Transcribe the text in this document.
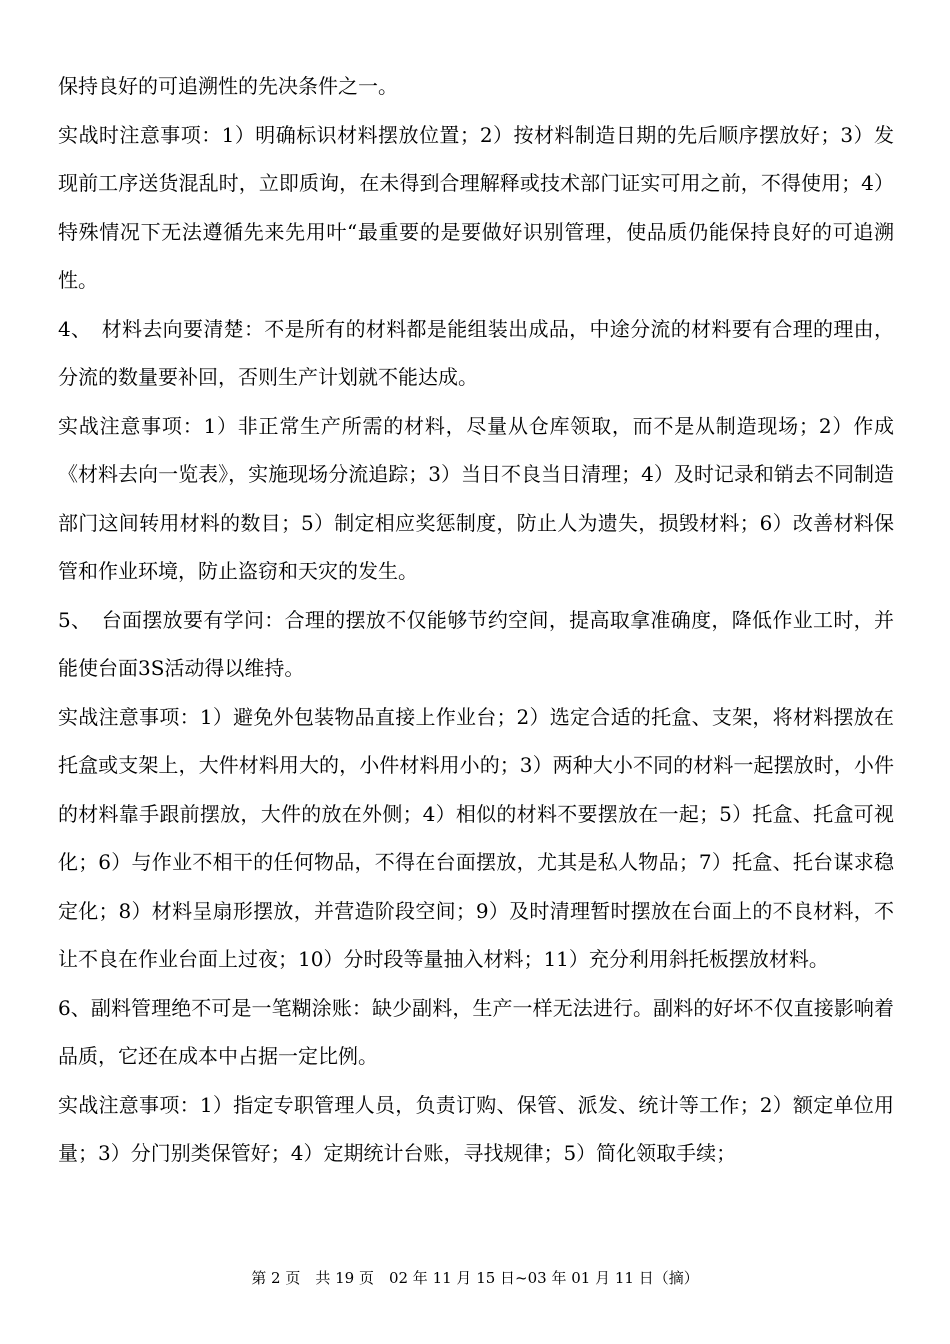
保持良好的可追溯性的先决条件之一。

实战时注意事项：1）明确标识材料摆放位置；2）按材料制造日期的先后顺序摆放好；3）发现前工序送货混乱时，立即质询，在未得到合理解释或技术部门证实可用之前，不得使用；4）特殊情况下无法遵循先来先用叶“最重要的是要做好识别管理，使品质仍能保持良好的可追溯性。

4、　材料去向要清楚：不是所有的材料都是能组装出成品，中途分流的材料要有合理的理由，分流的数量要补回，否则生产计划就不能达成。

实战注意事项：1）非正常生产所需的材料，尽量从仓库领取，而不是从制造现场；2）作成《材料去向一览表》，实施现场分流追踪；3）当日不良当日清理；4）及时记录和销去不同制造部门这间转用材料的数目；5）制定相应奖惩制度，防止人为遗失，损毁材料；6）改善材料保管和作业环境，防止盗窃和天灾的发生。

5、　台面摆放要有学问：合理的摆放不仅能够节约空间，提高取拿准确度，降低作业工时，并能使台面3S活动得以维持。

实战注意事项：1）避免外包装物品直接上作业台；2）选定合适的托盒、支架，将材料摆放在托盒或支架上，大件材料用大的，小件材料用小的；3）两种大小不同的材料一起摆放时，小件的材料靠手跟前摆放，大件的放在外侧；4）相似的材料不要摆放在一起；5）托盒、托盒可视化；6）与作业不相干的任何物品，不得在台面摆放，尤其是私人物品；7）托盒、托台谋求稳定化；8）材料呈扇形摆放，并营造阶段空间；9）及时清理暂时摆放在台面上的不良材料，不让不良在作业台面上过夜；10）分时段等量抽入材料；11）充分利用斜托板摆放材料。

6、副料管理绝不可是一笔糊涂账：缺少副料，生产一样无法进行。副料的好坏不仅直接影响着品质，它还在成本中占据一定比例。

实战注意事项：1）指定专职管理人员，负责订购、保管、派发、统计等工作；2）额定单位用量；3）分门别类保管好；4）定期统计台账，寻找规律；5）简化领取手续；

第 2 页　共 19 页　02 年 11 月 15 日~03 年 01 月 11 日（摘）
